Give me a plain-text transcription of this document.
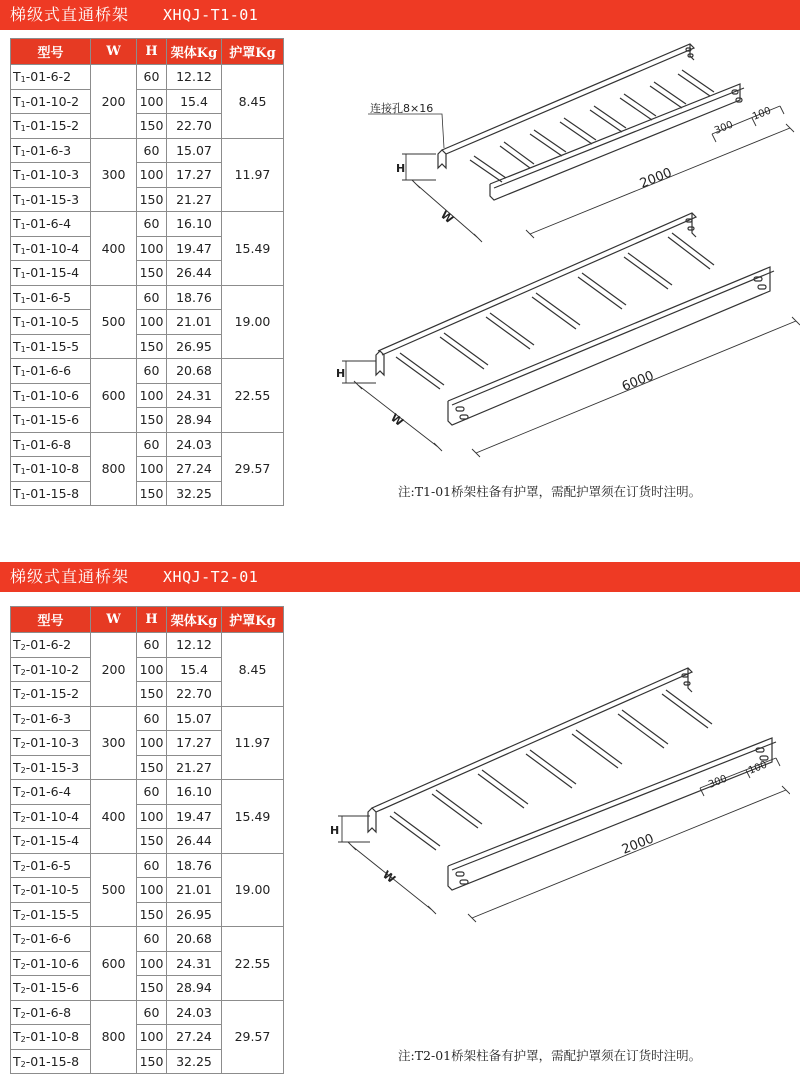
梯级式直通桥架 XHQJ-T1-01
型号	W	H	架体Kg	护罩Kg
T1-01-6-2	200	60	12.12	8.45
T1-01-10-2		100	15.4	
T1-01-15-2		150	22.70	
T1-01-6-3	300	60	15.07	11.97
T1-01-10-3		100	17.27	
T1-01-15-3		150	21.27	
T1-01-6-4	400	60	16.10	15.49
T1-01-10-4		100	19.47	
T1-01-15-4		150	26.44	
T1-01-6-5	500	60	18.76	19.00
T1-01-10-5		100	21.01	
T1-01-15-5		150	26.95	
T1-01-6-6	600	60	20.68	22.55
T1-01-10-6		100	24.31	
T1-01-15-6		150	28.94	
T1-01-6-8	800	60	24.03	29.57
T1-01-10-8		100	27.24	
T1-01-15-8		150	32.25	
连接孔8×16
H
W
2000
300
100
H
W
6000
注:T1-01桥架柱备有护罩，需配护罩须在订货时注明。
梯级式直通桥架 XHQJ-T2-01
型号	W	H	架体Kg	护罩Kg
T2-01-6-2	200	60	12.12	8.45
T2-01-10-2		100	15.4	
T2-01-15-2		150	22.70	
T2-01-6-3	300	60	15.07	11.97
T2-01-10-3		100	17.27	
T2-01-15-3		150	21.27	
T2-01-6-4	400	60	16.10	15.49
T2-01-10-4		100	19.47	
T2-01-15-4		150	26.44	
T2-01-6-5	500	60	18.76	19.00
T2-01-10-5		100	21.01	
T2-01-15-5		150	26.95	
T2-01-6-6	600	60	20.68	22.55
T2-01-10-6		100	24.31	
T2-01-15-6		150	28.94	
T2-01-6-8	800	60	24.03	29.57
T2-01-10-8		100	27.24	
T2-01-15-8		150	32.25	
H
W
2000
300
100
注:T2-01桥架柱备有护罩，需配护罩须在订货时注明。
